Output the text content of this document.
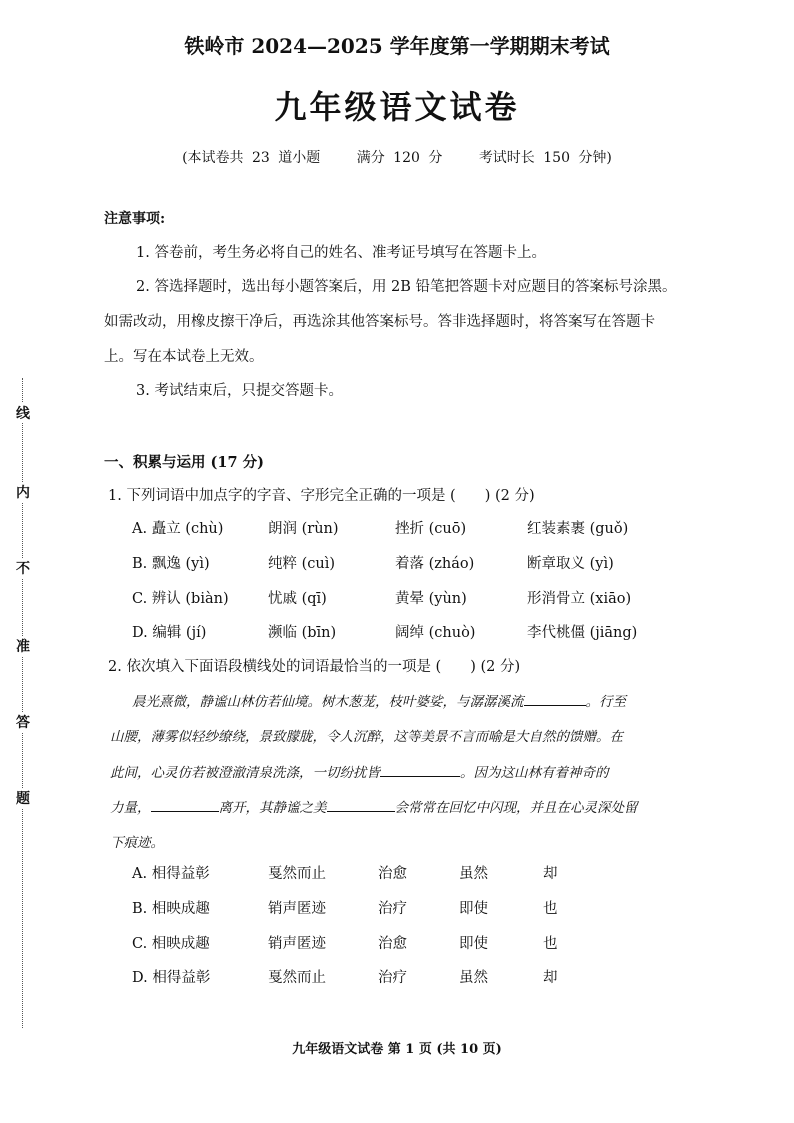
线
内
不
准
答
题
铁岭市 2024—2025 学年度第一学期期末考试
九年级语文试卷
(本试卷共 23 道小题	满分 120 分	考试时长 150 分钟)
注意事项:
1. 答卷前，考生务必将自己的姓名、准考证号填写在答题卡上。
2. 答选择题时，选出每小题答案后，用 2B 铅笔把答题卡对应题目的答案标号涂黑。
如需改动，用橡皮擦干净后，再选涂其他答案标号。答非选择题时，将答案写在答题卡
上。写在本试卷上无效。
3. 考试结束后，只提交答题卡。
一、积累与运用 (17 分)
1. 下列词语中加点字的字音、字形完全正确的一项是 (　　) (2 分)
A. 矗立 (chù)	朗润 (rùn)	挫折 (cuō)	红装素裹 (guǒ)
B. 飘逸 (yì)	纯粹 (cuì)	着落 (zháo)	断章取义 (yì)
C. 辨认 (biàn)	忧戚 (qī)	黄晕 (yùn)	形消骨立 (xiāo)
D. 编辑 (jí)	濒临 (bīn)	阔绰 (chuò)	李代桃僵 (jiāng)
2. 依次填入下面语段横线处的词语最恰当的一项是 (　　) (2 分)
晨光熹微，静谧山林仿若仙境。树木葱茏，枝叶婆娑，与潺潺溪流	。行至
山腰，薄雾似轻纱缭绕，景致朦胧，令人沉醉，这等美景不言而喻是大自然的馈赠。在
此间，心灵仿若被澄澈清泉洗涤，一切纷扰皆	。因为这山林有着神奇的
力量，	离开，其静谧之美	会常常在回忆中闪现，并且在心灵深处留
下痕迹。
A. 相得益彰	戛然而止	治愈	虽然	却
B. 相映成趣	销声匿迹	治疗	即使	也
C. 相映成趣	销声匿迹	治愈	即使	也
D. 相得益彰	戛然而止	治疗	虽然	却
九年级语文试卷 第 1 页 (共 10 页)
